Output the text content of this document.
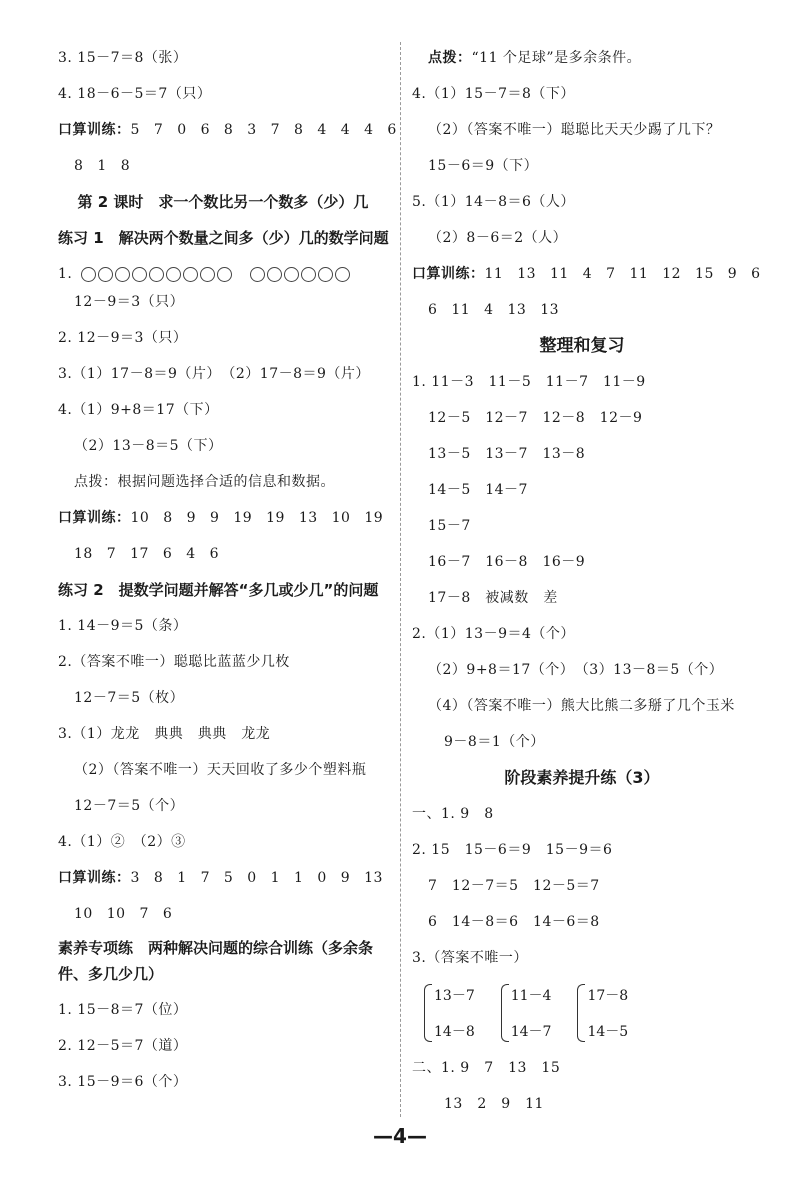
3. 15－7＝8（张）
4. 18－6－5＝7（只）
口算训练：5 7 0 6 8 3 7 8 4 4 4 6
8 1 8
第 2 课时　求一个数比另一个数多（少）几
练习 1　解决两个数量之间多（少）几的数学问题
1.
12－9＝3（只）
2. 12－9＝3（只）
3.（1）17－8＝9（片）　（2）17－8＝9（片）
4.（1）9+8＝17（下）
（2）13－8＝5（下）
点拨：根据问题选择合适的信息和数据。
口算训练：10 8 9 9 19 19 13 10 19
18 7 17 6 4 6
练习 2　提数学问题并解答“多几或少几”的问题
1. 14－9＝5（条）
2.（答案不唯一）聪聪比蓝蓝少几枚
12－7＝5（枚）
3.（1）龙龙　典典　典典　龙龙
（2）（答案不唯一）天天回收了多少个塑料瓶
12－7＝5（个）
4.（1）②　（2）③
口算训练：3 8 1 7 5 0 1 1 0 9 13
10 10 7 6
素养专项练　两种解决问题的综合训练（多余条件、多几少几）
1. 15－8＝7（位）
2. 12－5＝7（道）
3. 15－9＝6（个）
点拨：“11 个足球”是多余条件。
4.（1）15－7＝8（下）
（2）（答案不唯一）聪聪比天天少踢了几下？
15－6＝9（下）
5.（1）14－8＝6（人）
（2）8－6＝2（人）
口算训练：11 13 11 4 7 11 12 15 9 6
6 11 4 13 13
整理和复习
1. 11－3　11－5　11－7　11－9
12－5　12－7　12－8　12－9
13－5　13－7　13－8
14－5　14－7
15－7
16－7　16－8　16－9
17－8　被减数　差
2.（1）13－9＝4（个）
（2）9+8＝17（个）　（3）13－8＝5（个）
（4）（答案不唯一）熊大比熊二多掰了几个玉米
9－8＝1（个）
阶段素养提升练（3）
一、1. 9　8
2. 15　15－6＝9　15－9＝6
7　12－7＝5　12－5＝7
6　14－8＝6　14－6＝8
3.（答案不唯一）
13－7
14－8
11－4
14－7
17－8
14－5
二、1. 9　7　13　15
13　2　9　11
—4—
